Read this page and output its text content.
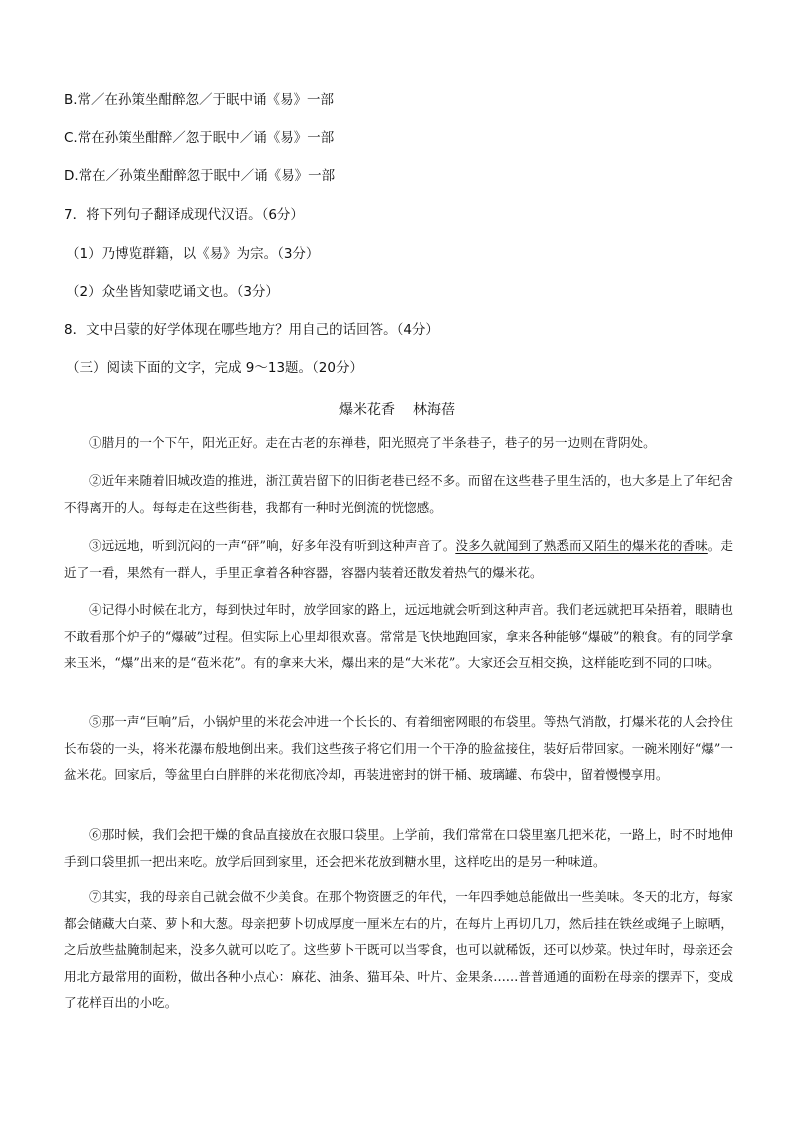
B.常／在孙策坐酣醉忽／于眠中诵《易》一部
C.常在孙策坐酣醉／忽于眠中／诵《易》一部
D.常在／孙策坐酣醉忽于眠中／诵《易》一部
7．将下列句子翻译成现代汉语。（6分）
（1）乃博览群籍，以《易》为宗。（3分）
（2）众坐皆知蒙呓诵文也。（3分）
8．文中吕蒙的好学体现在哪些地方？用自己的话回答。（4分）
（三）阅读下面的文字，完成 9～13题。（20分）
爆米花香 林海蓓
①腊月的一个下午，阳光正好。走在古老的东禅巷，阳光照亮了半条巷子，巷子的另一边则在背阴处。
②近年来随着旧城改造的推进，浙江黄岩留下的旧街老巷已经不多。而留在这些巷子里生活的，也大多是上了年纪舍不得离开的人。每每走在这些街巷，我都有一种时光倒流的恍惚感。
③远远地，听到沉闷的一声“砰”响，好多年没有听到这种声音了。没多久就闻到了熟悉而又陌生的爆米花的香味。走近了一看，果然有一群人，手里正拿着各种容器，容器内装着还散发着热气的爆米花。
④记得小时候在北方，每到快过年时，放学回家的路上，远远地就会听到这种声音。我们老远就把耳朵捂着，眼睛也不敢看那个炉子的“爆破”过程。但实际上心里却很欢喜。常常是飞快地跑回家，拿来各种能够“爆破”的粮食。有的同学拿来玉米，“爆”出来的是“苞米花”。有的拿来大米，爆出来的是“大米花”。大家还会互相交换，这样能吃到不同的口味。
⑤那一声“巨响”后，小锅炉里的米花会冲进一个长长的、有着细密网眼的布袋里。等热气消散，打爆米花的人会拎住长布袋的一头，将米花瀑布般地倒出来。我们这些孩子将它们用一个干净的脸盆接住，装好后带回家。一碗米刚好“爆”一盆米花。回家后，等盆里白白胖胖的米花彻底冷却，再装进密封的饼干桶、玻璃罐、布袋中，留着慢慢享用。
⑥那时候，我们会把干燥的食品直接放在衣服口袋里。上学前，我们常常在口袋里塞几把米花，一路上，时不时地伸手到口袋里抓一把出来吃。放学后回到家里，还会把米花放到糖水里，这样吃出的是另一种味道。
⑦其实，我的母亲自己就会做不少美食。在那个物资匮乏的年代，一年四季她总能做出一些美味。冬天的北方，每家都会储藏大白菜、萝卜和大葱。母亲把萝卜切成厚度一厘米左右的片，在每片上再切几刀，然后挂在铁丝或绳子上晾晒，之后放些盐腌制起来，没多久就可以吃了。这些萝卜干既可以当零食，也可以就稀饭，还可以炒菜。快过年时，母亲还会用北方最常用的面粉，做出各种小点心：麻花、油条、猫耳朵、叶片、金果条……普普通通的面粉在母亲的摆弄下，变成了花样百出的小吃。
